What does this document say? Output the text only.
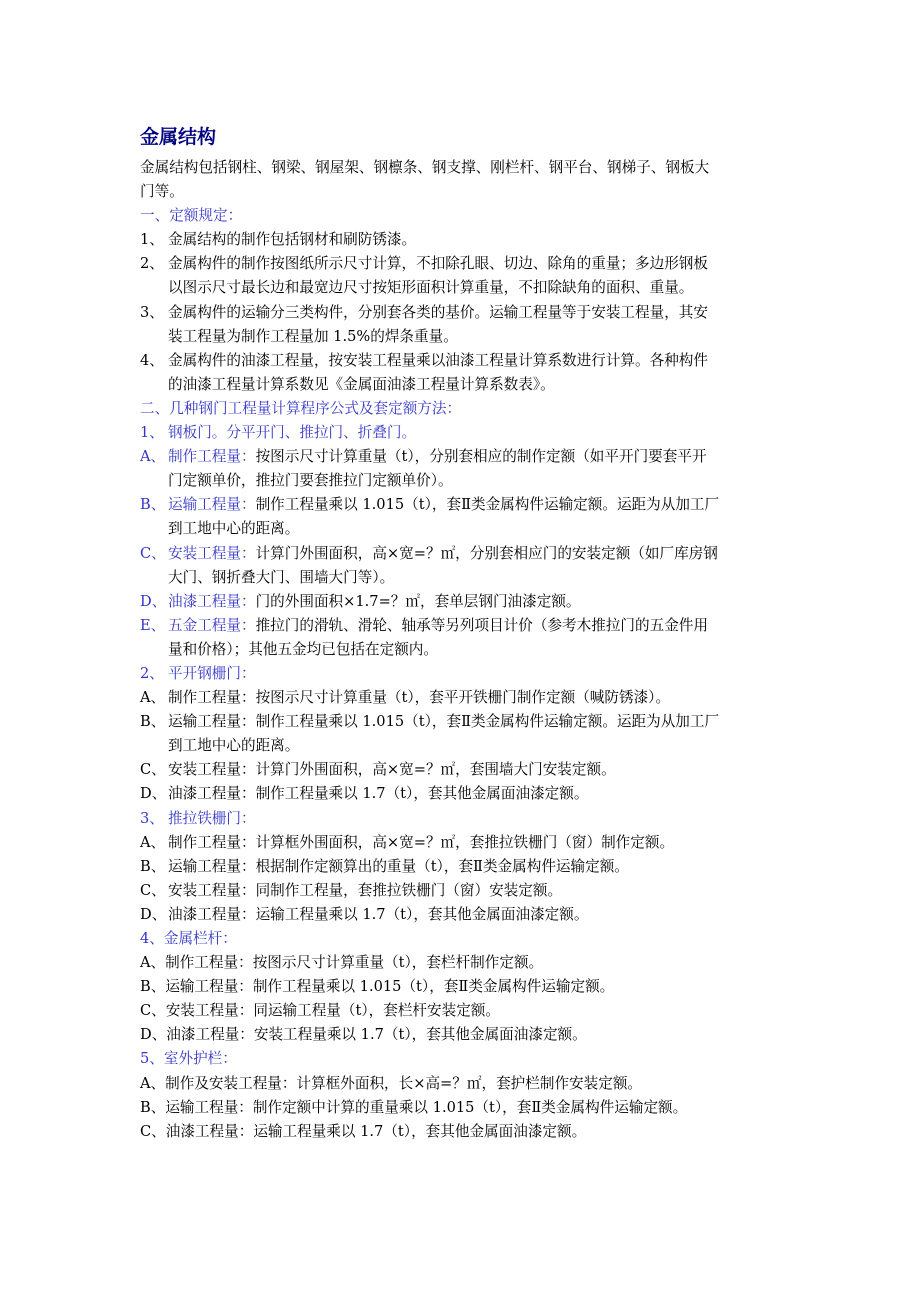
金属结构
金属结构包括钢柱、钢梁、钢屋架、钢檩条、钢支撑、刚栏杆、钢平台、钢梯子、钢板大
门等。
一、定额规定：
1、 金属结构的制作包括钢材和刷防锈漆。
2、 金属构件的制作按图纸所示尺寸计算，不扣除孔眼、切边、除角的重量；多边形钢板
以图示尺寸最长边和最宽边尺寸按矩形面积计算重量，不扣除缺角的面积、重量。
3、 金属构件的运输分三类构件，分别套各类的基价。运输工程量等于安装工程量，其安
装工程量为制作工程量加 1.5%的焊条重量。
4、 金属构件的油漆工程量，按安装工程量乘以油漆工程量计算系数进行计算。各种构件
的油漆工程量计算系数见《金属面油漆工程量计算系数表》。
二、几种钢门工程量计算程序公式及套定额方法：
1、 钢板门。分平开门、推拉门、折叠门。
A、 制作工程量：按图示尺寸计算重量（t），分别套相应的制作定额（如平开门要套平开
门定额单价，推拉门要套推拉门定额单价）。
B、 运输工程量：制作工程量乘以 1.015（t），套Ⅱ类金属构件运输定额。运距为从加工厂
到工地中心的距离。
C、 安装工程量：计算门外围面积，高×宽=？㎡，分别套相应门的安装定额（如厂库房钢
大门、钢折叠大门、围墙大门等）。
D、 油漆工程量：门的外围面积×1.7=？㎡，套单层钢门油漆定额。
E、 五金工程量：推拉门的滑轨、滑轮、轴承等另列项目计价（参考木推拉门的五金件用
量和价格）；其他五金均已包括在定额内。
2、 平开钢栅门：
A、 制作工程量：按图示尺寸计算重量（t），套平开铁栅门制作定额（喊防锈漆）。
B、 运输工程量：制作工程量乘以 1.015（t），套Ⅱ类金属构件运输定额。运距为从加工厂
到工地中心的距离。
C、 安装工程量：计算门外围面积，高×宽=？㎡，套围墙大门安装定额。
D、 油漆工程量：制作工程量乘以 1.7（t），套其他金属面油漆定额。
3、 推拉铁栅门：
A、 制作工程量：计算框外围面积，高×宽=？㎡，套推拉铁栅门（窗）制作定额。
B、 运输工程量：根据制作定额算出的重量（t），套Ⅱ类金属构件运输定额。
C、 安装工程量：同制作工程量，套推拉铁栅门（窗）安装定额。
D、 油漆工程量：运输工程量乘以 1.7（t），套其他金属面油漆定额。
4、 金属栏杆：
A、 制作工程量：按图示尺寸计算重量（t），套栏杆制作定额。
B、 运输工程量：制作工程量乘以 1.015（t），套Ⅱ类金属构件运输定额。
C、 安装工程量：同运输工程量（t），套栏杆安装定额。
D、 油漆工程量：安装工程量乘以 1.7（t），套其他金属面油漆定额。
5、 室外护栏：
A、 制作及安装工程量：计算框外面积，长×高=？㎡，套护栏制作安装定额。
B、 运输工程量：制作定额中计算的重量乘以 1.015（t），套Ⅱ类金属构件运输定额。
C、 油漆工程量：运输工程量乘以 1.7（t），套其他金属面油漆定额。
